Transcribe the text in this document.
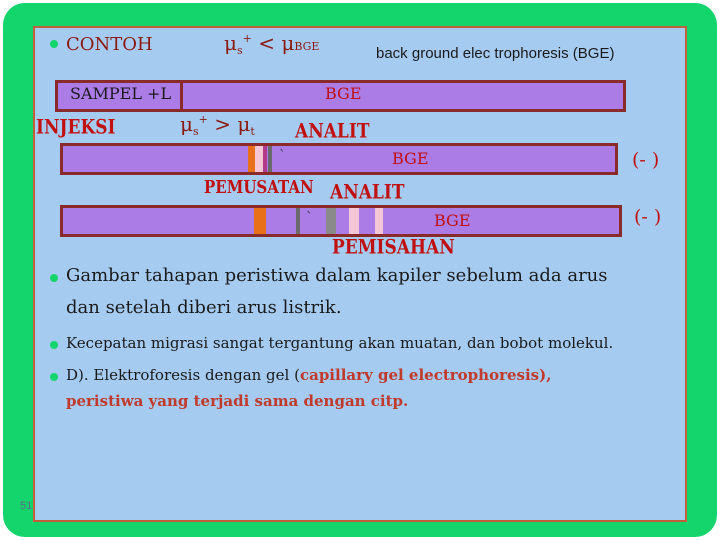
CONTOH	$\mu_s^+ < \mu BGE$	back ground elec trophoresis (BGE)
SAMPEL +L	BGE
INJEKSI	$\mu_s^+ > \mu_t$ ANALIT
`	BGE	(- )
PEMUSATAN ANALIT
`	BGE	(- )
PEMISAHAN
Gambar tahapan peristiwa dalam kapiler sebelum ada arus
dan setelah diberi arus listrik.
Kecepatan migrasi sangat tergantung akan muatan, dan bobot molekul.
D). Elektroforesis dengan gel (capillary gel electrophoresis),
peristiwa yang terjadi sama dengan citp.
51
